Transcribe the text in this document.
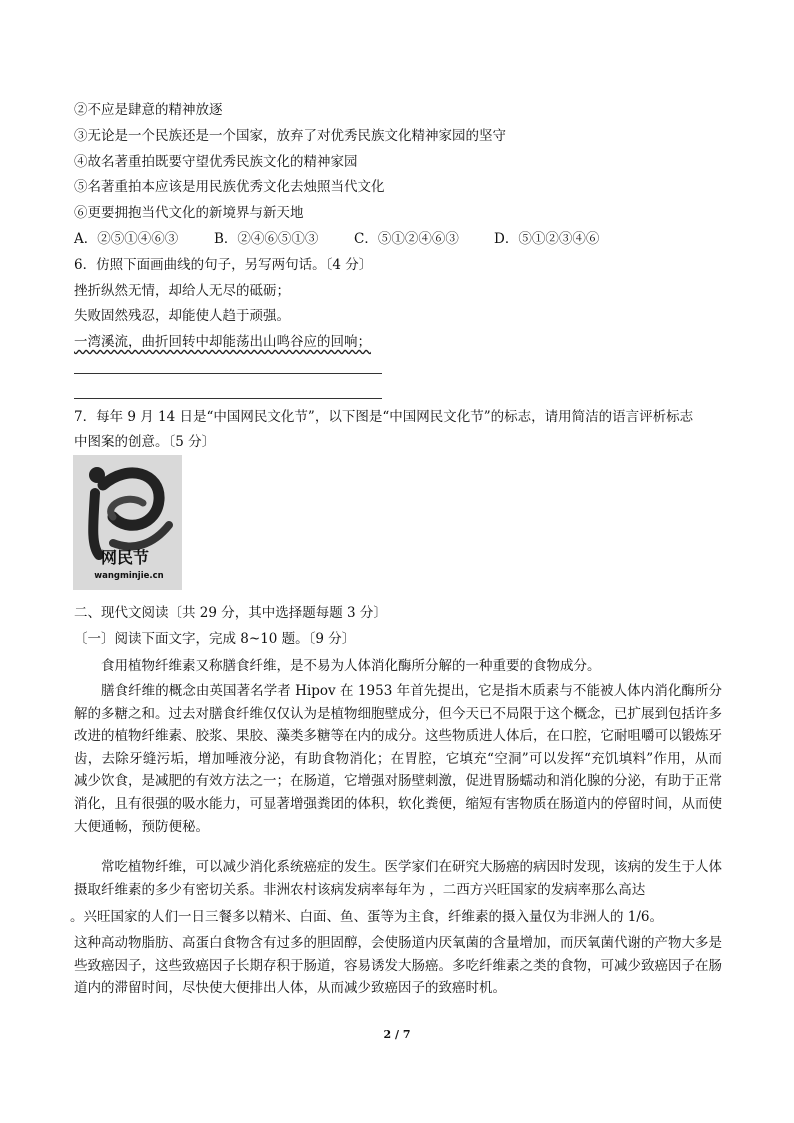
②不应是肆意的精神放逐
③无论是一个民族还是一个国家，放弃了对优秀民族文化精神家园的坚守
④故名著重拍既要守望优秀民族文化的精神家园
⑤名著重拍本应该是用民族优秀文化去烛照当代文化
⑥更要拥抱当代文化的新境界与新天地
A．②⑤①④⑥③	B．②④⑥⑤①③	C．⑤①②④⑥③	D．⑤①②③④⑥
6．仿照下面画曲线的句子，另写两句话。〔4 分〕
挫折纵然无情，却给人无尽的砥砺；
失败固然残忍，却能使人趋于顽强。
一湾溪流，曲折回转中却能荡出山鸣谷应的回响；
7．每年 9 月 14 日是“中国网民文化节”，以下图是“中国网民文化节”的标志，请用简洁的语言评析标志
中图案的创意。〔5 分〕
网民节
wangminjie.cn
二、现代文阅读〔共 29 分，其中选择题每题 3 分〕
〔一〕阅读下面文字，完成 8~10 题。〔9 分〕
食用植物纤维素又称膳食纤维，是不易为人体消化酶所分解的一种重要的食物成分。
膳食纤维的概念由英国著名学者 Hipov 在 1953 年首先提出，它是指木质素与不能被人体内消化酶所分解的多糖之和。过去对膳食纤维仅仅认为是植物细胞壁成分，但今天已不局限于这个概念，已扩展到包括许多改进的植物纤维素、胶浆、果胶、藻类多糖等在内的成分。这些物质进人体后，在口腔，它耐咀嚼可以锻炼牙齿，去除牙缝污垢，增加唾液分泌，有助食物消化；在胃腔，它填充“空洞”可以发挥“充饥填料”作用，从而减少饮食，是减肥的有效方法之一；在肠道，它增强对肠壁刺激，促进胃肠蠕动和消化腺的分泌，有助于正常消化，且有很强的吸水能力，可显著增强粪团的体积，软化粪便，缩短有害物质在肠道内的停留时间，从而使大便通畅，预防便秘。
常吃植物纤维，可以减少消化系统癌症的发生。医学家们在研究大肠癌的病因时发现，该病的发生于人体摄取纤维素的多少有密切关系。非洲农村该病发病率每年为 ，二西方兴旺国家的发病率那么高达
。兴旺国家的人们一日三餐多以精米、白面、鱼、蛋等为主食，纤维素的摄入量仅为非洲人的 1/6。
这种高动物脂肪、高蛋白食物含有过多的胆固醇，会使肠道内厌氧菌的含量增加，而厌氧菌代谢的产物大多是些致癌因子，这些致癌因子长期存积于肠道，容易诱发大肠癌。多吃纤维素之类的食物，可减少致癌因子在肠道内的滞留时间，尽快使大便排出人体，从而减少致癌因子的致癌时机。
2 / 7
